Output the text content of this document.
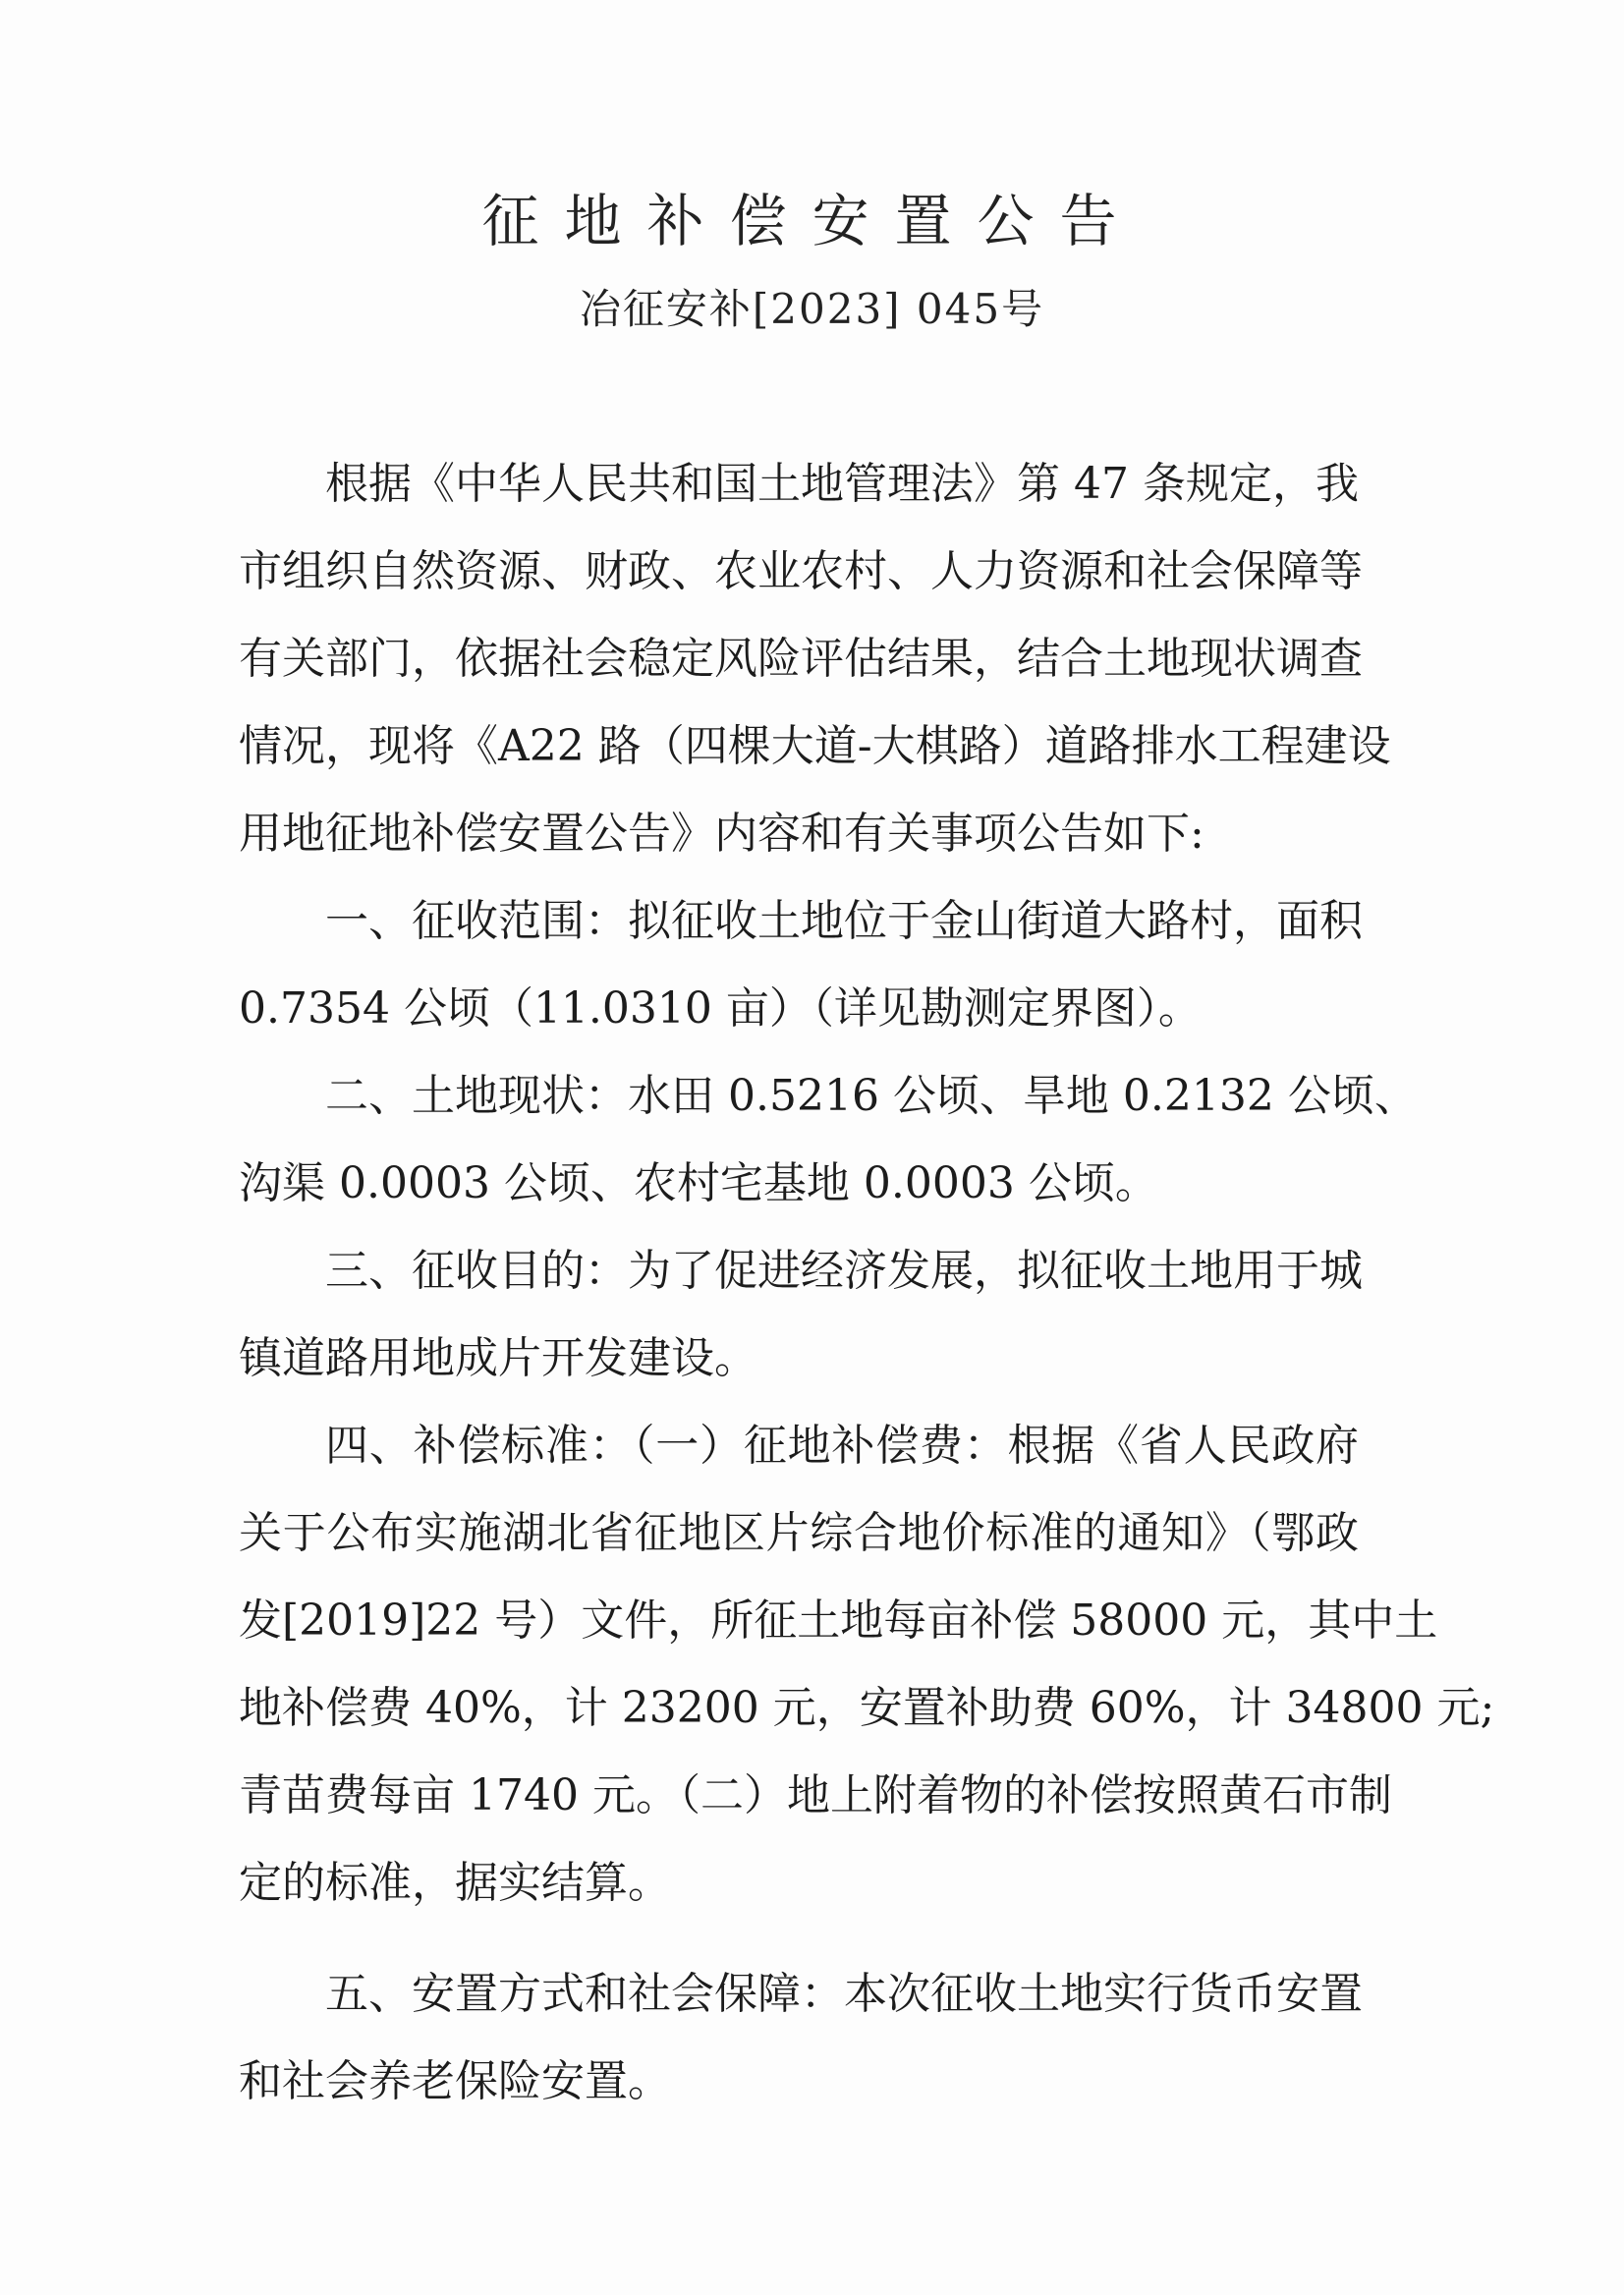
征地补偿安置公告
冶征安补[2023] 045号
根据《中华人民共和国土地管理法》第 47 条规定，我
市组织自然资源、财政、农业农村、人力资源和社会保障等
有关部门，依据社会稳定风险评估结果，结合土地现状调查
情况，现将《A22 路（四棵大道-大棋路）道路排水工程建设
用地征地补偿安置公告》内容和有关事项公告如下:
一、征收范围：拟征收土地位于金山街道大路村，面积
0.7354 公顷（11.0310 亩）（详见勘测定界图）。
二、土地现状：水田 0.5216 公顷、旱地 0.2132 公顷、
沟渠 0.0003 公顷、农村宅基地 0.0003 公顷。
三、征收目的：为了促进经济发展，拟征收土地用于城
镇道路用地成片开发建设。
四、补偿标准：（一）征地补偿费：根据《省人民政府
关于公布实施湖北省征地区片综合地价标准的通知》（鄂政
发[2019]22 号）文件，所征土地每亩补偿 58000 元，其中土
地补偿费 40%，计 23200 元，安置补助费 60%，计 34800 元;
青苗费每亩 1740 元。（二）地上附着物的补偿按照黄石市制
定的标准，据实结算。
五、安置方式和社会保障：本次征收土地实行货币安置
和社会养老保险安置。
